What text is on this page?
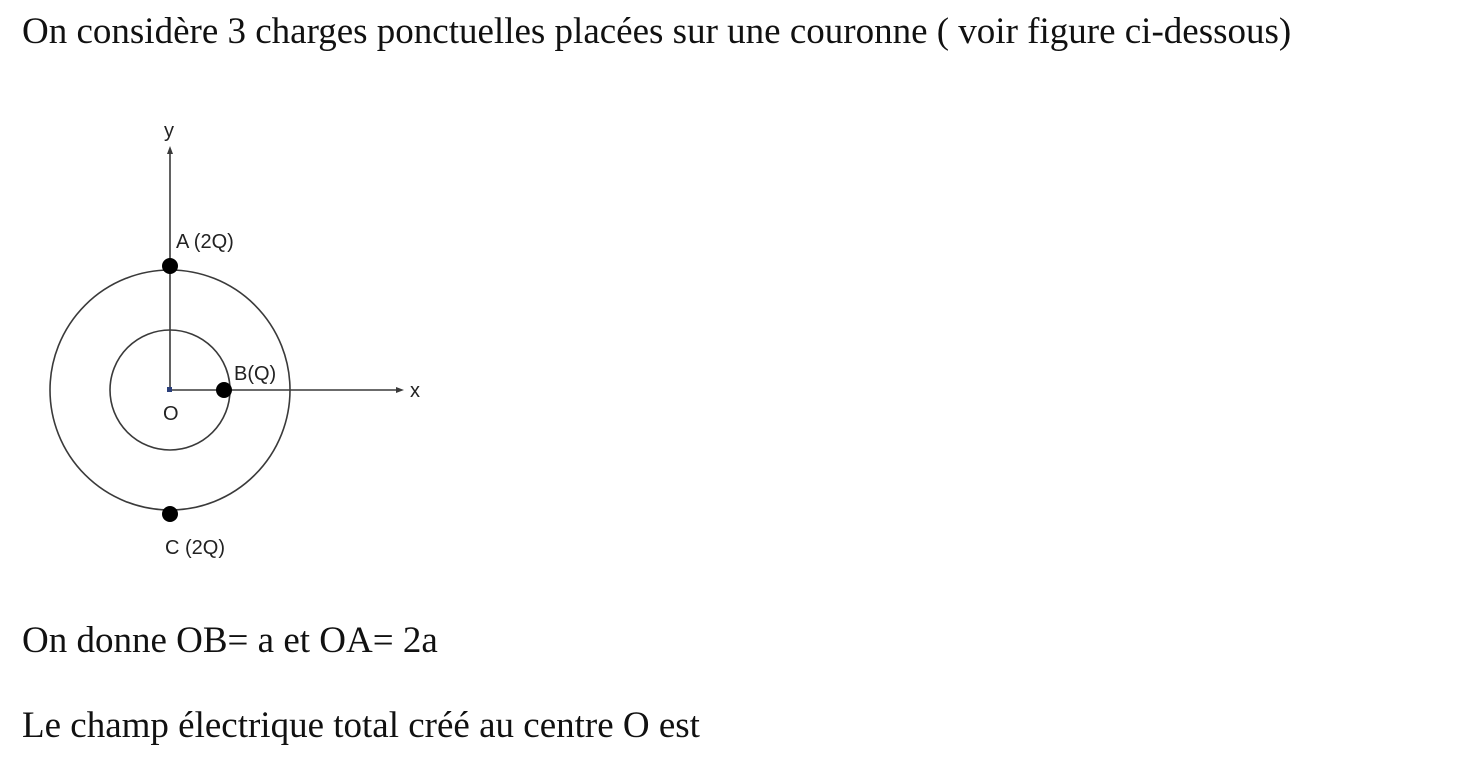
On considère 3 charges ponctuelles placées sur une couronne ( voir figure ci-dessous)
y
x
O
A (2Q)
B(Q)
C (2Q)
On donne OB= a et OA= 2a
Le champ électrique total créé au centre O est
